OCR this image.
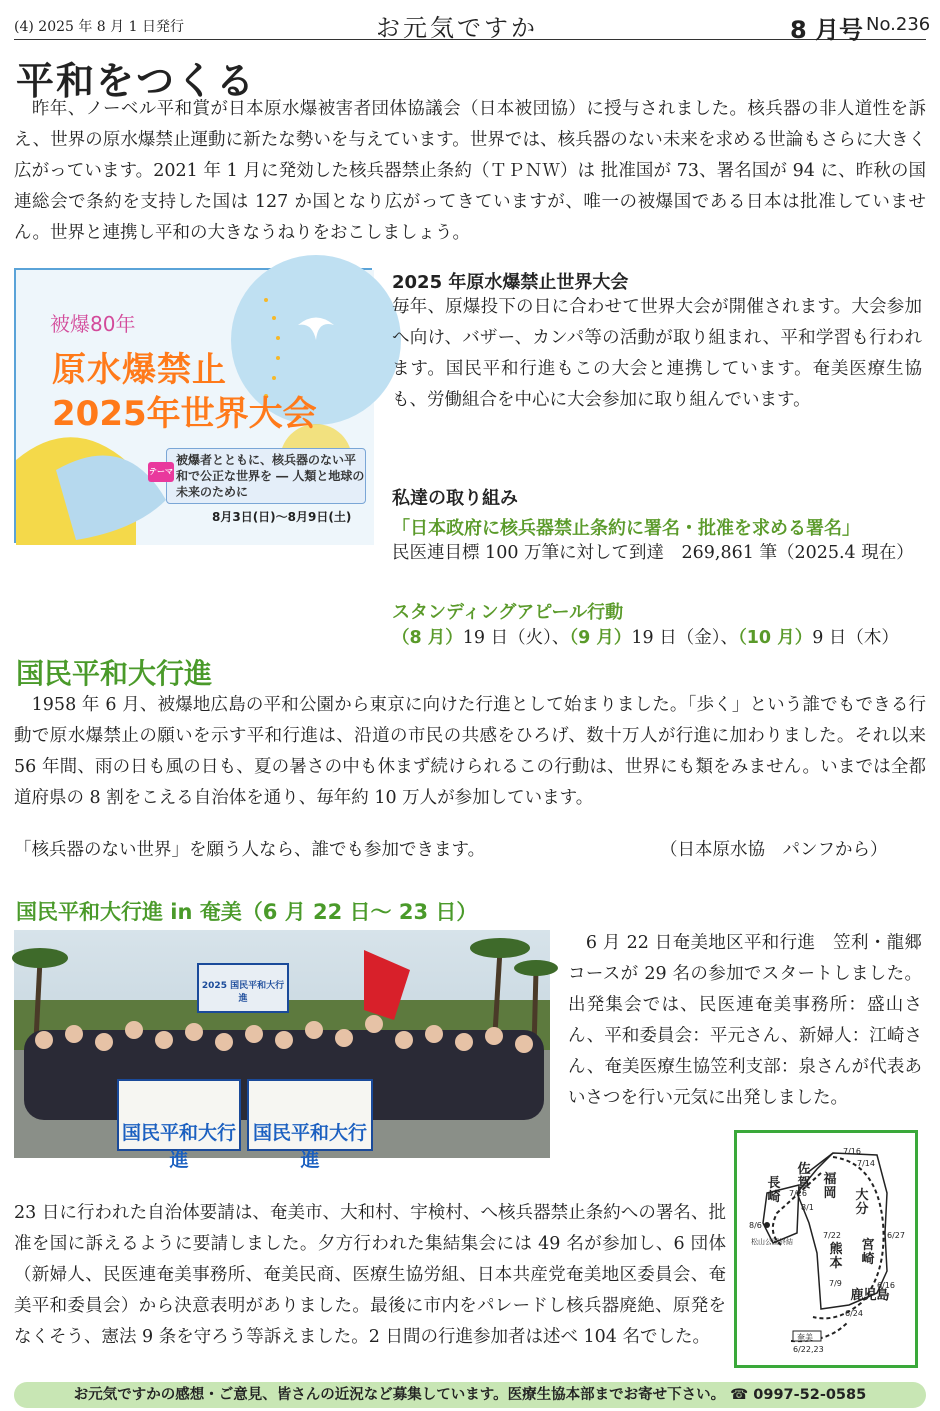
(4) 2025 年 8 月 1 日発行	お元気ですか	8 月号 No.236
平和をつくる

　昨年、ノーベル平和賞が日本原水爆被害者団体協議会（日本被団協）に授与されました。核兵器の非人道性を訴え、世界の原水爆禁止運動に新たな勢いを与えています。世界では、核兵器のない未来を求める世論もさらに大きく広がっています。2021 年 1 月に発効した核兵器禁止条約（ＴＰＮＷ）は 批准国が 73、署名国が 94 に、昨秋の国連総会で条約を支持した国は 127 か国となり広がってきていますが、唯一の被爆国である日本は批准していません。世界と連携し平和の大きなうねりをおこしましょう。

被爆80年
原水爆禁止
2025年世界大会
テーマ
被爆者とともに、核兵器のない平和で公正な世界を ― 人類と地球の未来のために
8月3日(日)～8月9日(土)
2025 年原水爆禁止世界大会

毎年、原爆投下の日に合わせて世界大会が開催されます。大会参加へ向け、バザー、カンパ等の活動が取り組まれ、平和学習も行われます。国民平和行進もこの大会と連携しています。奄美医療生協も、労働組合を中心に大会参加に取り組んでいます。

私達の取り組み
「日本政府に核兵器禁止条約に署名・批准を求める署名」

民医連目標 100 万筆に対して到達　269,861 筆（2025.4 現在）

スタンディングアピール行動
（8 月）19 日（火）、（9 月）19 日（金）、（10 月）9 日（木）
国民平和大行進

　1958 年 6 月、被爆地広島の平和公園から東京に向けた行進として始まりました。「歩く」という誰でもできる行動で原水爆禁止の願いを示す平和行進は、沿道の市民の共感をひろげ、数十万人が行進に加わりました。それ以来 56 年間、雨の日も風の日も、夏の暑さの中も休まず続けられるこの行動は、世界にも類をみません。いまでは全都道府県の 8 割をこえる自治体を通り、毎年約 10 万人が参加しています。

「核兵器のない世界」を願う人なら、誰でも参加できます。	（日本原水協　パンフから）
国民平和大行進 in 奄美（6 月 22 日～ 23 日）
国民平和大行進
国民平和大行進
2025 国民平和大行進

　6 月 22 日奄美地区平和行進　笠利・龍郷コースが 29 名の参加でスタートしました。出発集会では、民医連奄美事務所：盛山さん、平和委員会：平元さん、新婦人：江崎さん、奄美医療生協笠利支部：泉さんが代表あいさつを行い元気に出発しました。

23 日に行われた自治体要請は、奄美市、大和村、宇検村、へ核兵器禁止条約への署名、批准を国に訴えるように要請しました。夕方行われた集結集会には 49 名が参加し、6 団体（新婦人、民医連奄美事務所、奄美民商、医療生協労組、日本共産党奄美地区委員会、奄美平和委員会）から決意表明がありました。最後に市内をパレードし核兵器廃絶、原発をなくそう、憲法 9 条を守ろう等訴えました。2 日間の行進参加者は述べ 104 名でした。

佐賀
長崎
福岡 大分
熊本
宮崎
鹿児島
7/16
7/14
7/26
8/1
8/6
7/22	6/27
6/16
7/9
6/24
6/22,23
奄美
松山公園終結
お元気ですかの感想・ご意見、皆さんの近況など募集しています。医療生協本部までお寄せ下さい。 ☎ 0997-52-0585
